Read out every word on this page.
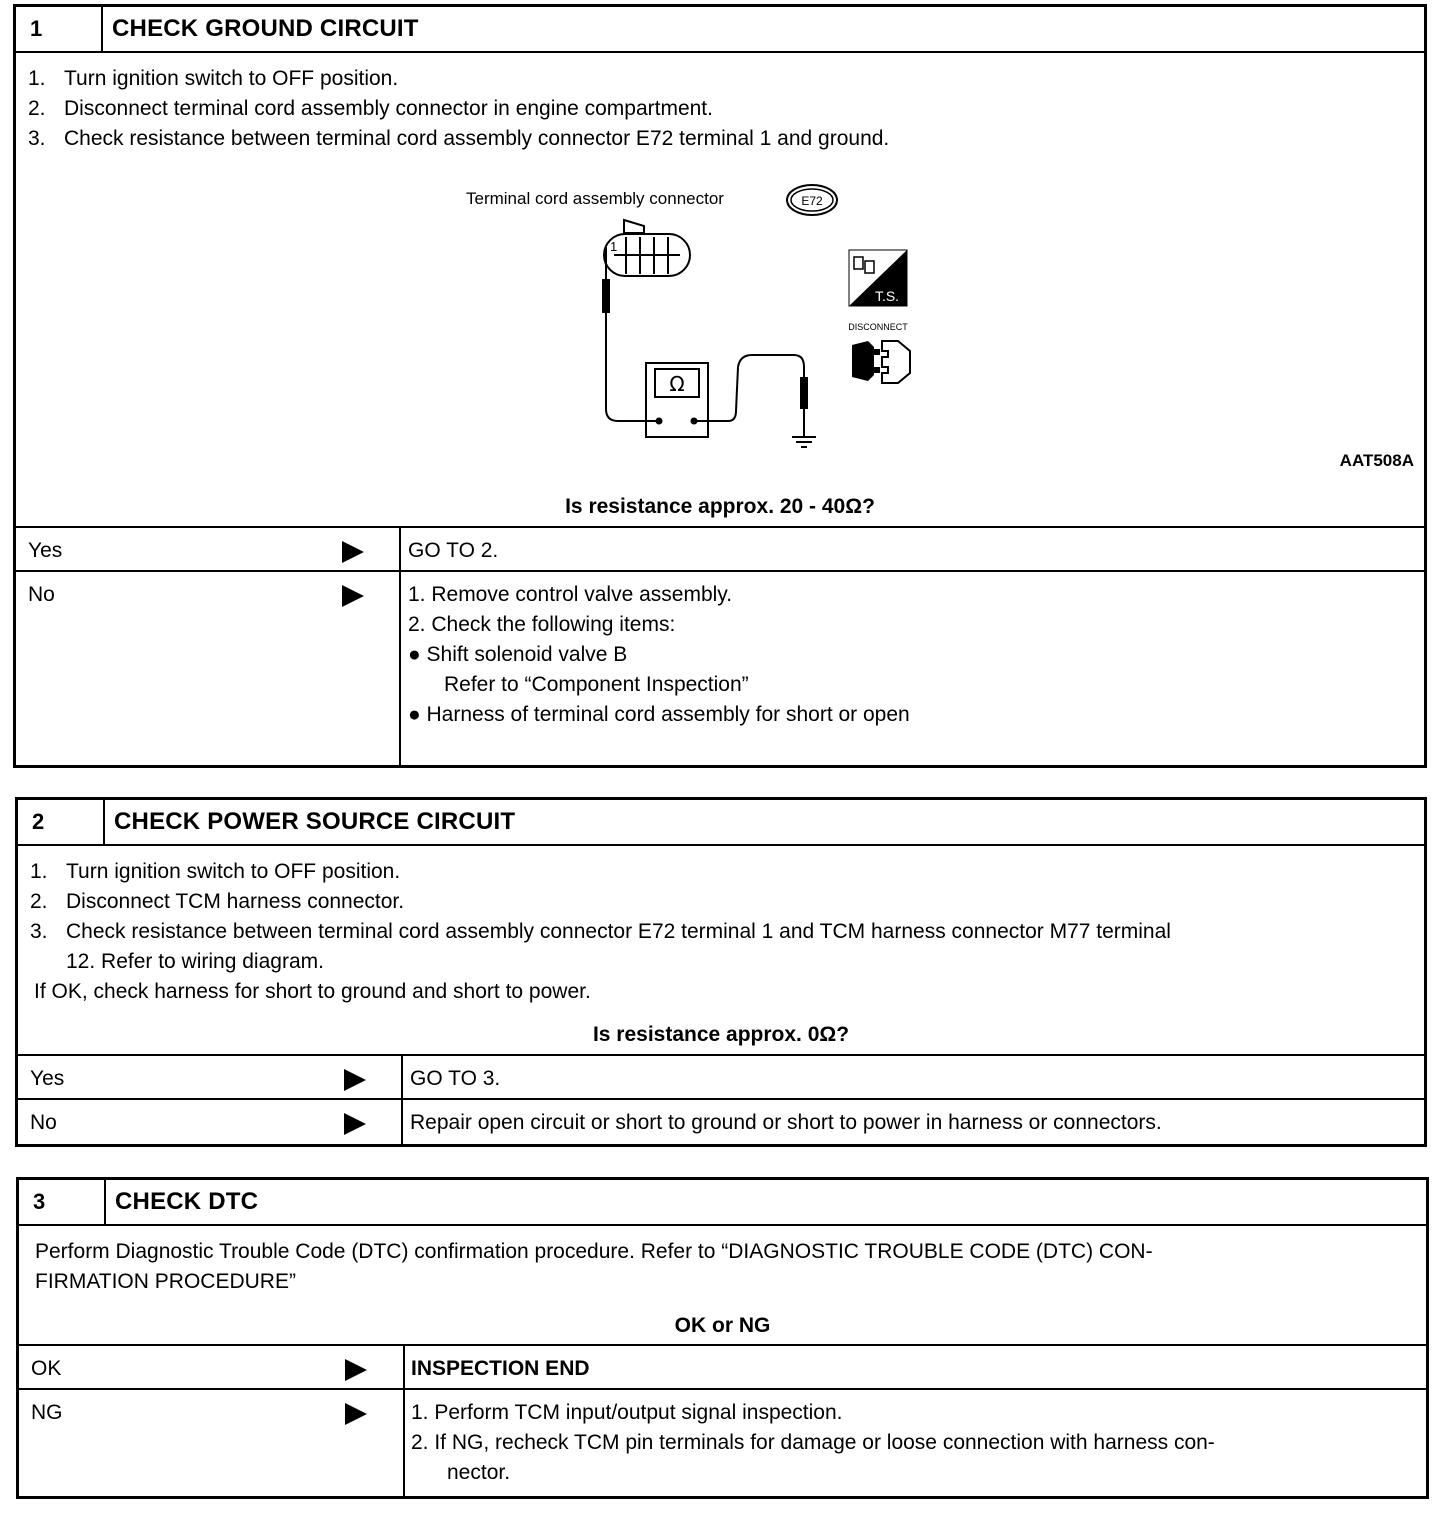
1	CHECK GROUND CIRCUIT
1. Turn ignition switch to OFF position.
2. Disconnect terminal cord assembly connector in engine compartment.
3. Check resistance between terminal cord assembly connector E72 terminal 1 and ground.
Terminal cord assembly connector	E72
1
Ω
T.S.
DISCONNECT
AAT508A
Is resistance approx. 20 - 40Ω?
Yes	GO TO 2.
No	1. Remove control valve assembly.
2. Check the following items:
● Shift solenoid valve B
Refer to “Component Inspection”
● Harness of terminal cord assembly for short or open
2	CHECK POWER SOURCE CIRCUIT
1. Turn ignition switch to OFF position.
2. Disconnect TCM harness connector.
3. Check resistance between terminal cord assembly connector E72 terminal 1 and TCM harness connector M77 terminal
12. Refer to wiring diagram.
If OK, check harness for short to ground and short to power.
Is resistance approx. 0Ω?
Yes	GO TO 3.
No	Repair open circuit or short to ground or short to power in harness or connectors.
3	CHECK DTC
Perform Diagnostic Trouble Code (DTC) confirmation procedure. Refer to “DIAGNOSTIC TROUBLE CODE (DTC) CON-
FIRMATION PROCEDURE”
OK or NG
OK	INSPECTION END
NG	1. Perform TCM input/output signal inspection.
2. If NG, recheck TCM pin terminals for damage or loose connection with harness con-
nector.
